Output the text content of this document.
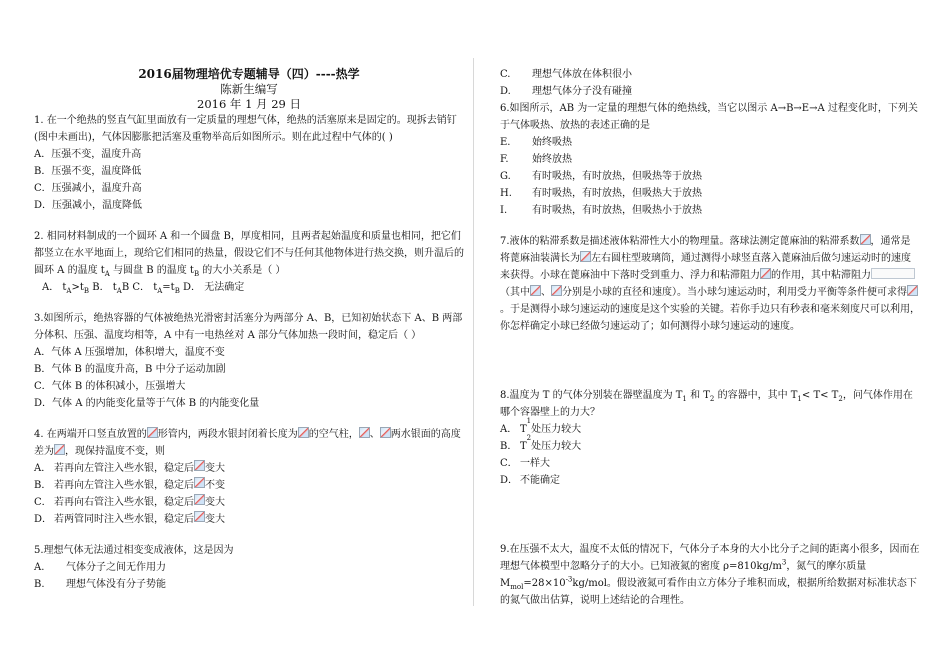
2016届物理培优专题辅导（四）----热学

陈新生编写

2016 年 1 月 29 日

1. 在一个绝热的竖直气缸里面放有一定质量的理想气体，绝热的活塞原来是固定的。现拆去销钉(图中未画出)，气体因膨胀把活塞及重物举高后如图所示。则在此过程中气体的( )

A．压强不变，温度升高

B．压强不变，温度降低

C．压强减小，温度升高

D．压强减小，温度降低

2. 相同材料制成的一个圆环 A 和一个圆盘 B，厚度相同，且两者起始温度和质量也相同，把它们都竖立在水平地面上，现给它们相同的热量，假设它们不与任何其他物体进行热交换，则升温后的圆环 A 的温度 $t_A$ 与圆盘 B 的温度 $t_B$ 的大小关系是（ ）

A． $t_A>t_B$ B． $t_AB$ C． $t_A=t_B$ D． 无法确定

3.如图所示，绝热容器的气体被绝热光滑密封活塞分为两部分 A、B，已知初始状态下 A、B 两部分体积、压强、温度均相等，A 中有一电热丝对 A 部分气体加热一段时间，稳定后（ ）

A．气体 A 压强增加，体积增大，温度不变

B．气体 B 的温度升高，B 中分子运动加剧

C．气体 B 的体积减小，压强增大

D．气体 A 的内能变化量等于气体 B 的内能变化量

4. 在两端开口竖直放置的 形管内，两段水银封闭着长度为 的空气柱， 、 两水银面的高度差为 ，现保持温度不变，则

A． 若再向左管注入些水银，稳定后 变大

B． 若再向左管注入些水银，稳定后 不变

C． 若再向右管注入些水银，稳定后 变大

D． 若两管同时注入些水银，稳定后 变大

5.理想气体无法通过相变变成液体，这是因为

A.	气体分子之间无作用力

B.	理想气体没有分子势能

C.	理想气体放在体积很小

D.	理想气体分子没有碰撞

6.如图所示，AB 为一定量的理想气体的绝热线，当它以图示 A→B→E→A 过程变化时，下列关于气体吸热、放热的表述正确的是

E.	始终吸热

F.	始终放热

G.	有时吸热，有时放热，但吸热等于放热

H.	有时吸热，有时放热，但吸热大于放热

I.	有时吸热，有时放热，但吸热小于放热

7.液体的粘滞系数是描述液体粘滞性大小的物理量。落球法测定蓖麻油的粘滞系数 ，通常是将蓖麻油装满长为 左右圆柱型玻璃筒，通过测得小球竖直落入蓖麻油后做匀速运动时的速度来获得。小球在蓖麻油中下落时受到重力、浮力和粘滞阻力 的作用，其中粘滞阻力（其中 、 分别是小球的直径和速度）。当小球匀速运动时，利用受力平衡等条件便可求得。于是测得小球匀速运动的速度是这个实验的关键。若你手边只有秒表和毫米刻度尺可以利用，你怎样确定小球已经做匀速运动了；如何测得小球匀速运动的速度。

8.温度为 T 的气体分别装在器壁温度为 $T_1$ 和 $T_2$ 的容器中，其中 $T_1< T< T_2$，问气体作用在哪个容器壁上的力大？

A． T
1
处压力较大

B． T
2
处压力较大

C． 一样大

D． 不能确定

9.在压强不太大，温度不太低的情况下，气体分子本身的大小比分子之间的距离小很多，因而在理想气体模型中忽略分子的大小。已知液氮的密度 $\rho=810kg/m^3$，氮气的摩尔质量 $M_{mol}=28\times 10^{-3}kg$/mol。假设液氮可看作由立方体分子堆积而成，根据所给数据对标准状态下的氮气做出估算，说明上述结论的合理性。
